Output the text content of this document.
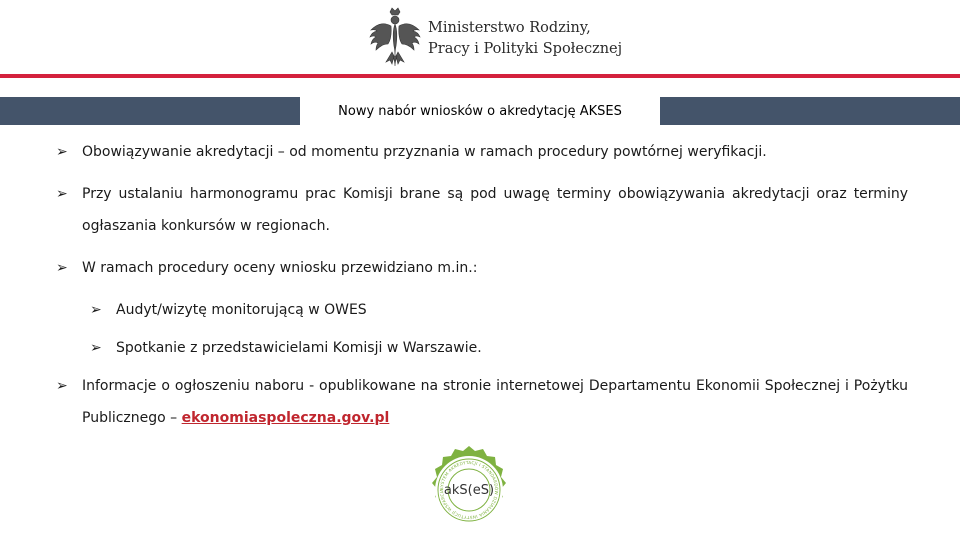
Ministerstwo Rodziny,
Pracy i Polityki Społecznej
Nowy nabór wniosków o akredytację AKSES
➢ Obowiązywanie akredytacji – od momentu przyznania w ramach procedury powtórnej weryfikacji.
➢ Przy ustalaniu harmonogramu prac Komisji brane są pod uwagę terminy obowiązywania akredytacji oraz terminy ogłaszania konkursów w regionach.
➢ W ramach procedury oceny wniosku przewidziano m.in.:
➢ Audyt/wizytę monitorującą w OWES
➢ Spotkanie z przedstawicielami Komisji w Warszawie.
➢ Informacje o ogłoszeniu naboru - opublikowane na stronie internetowej Departamentu Ekonomii Społecznej i Pożytku Publicznego – ekonomiaspoleczna.gov.pl
SYSTEM AKREDYTACJI I STANDARDÓW DZIAŁANIA INSTYTUCJI WSPARCIA akS(eS)
